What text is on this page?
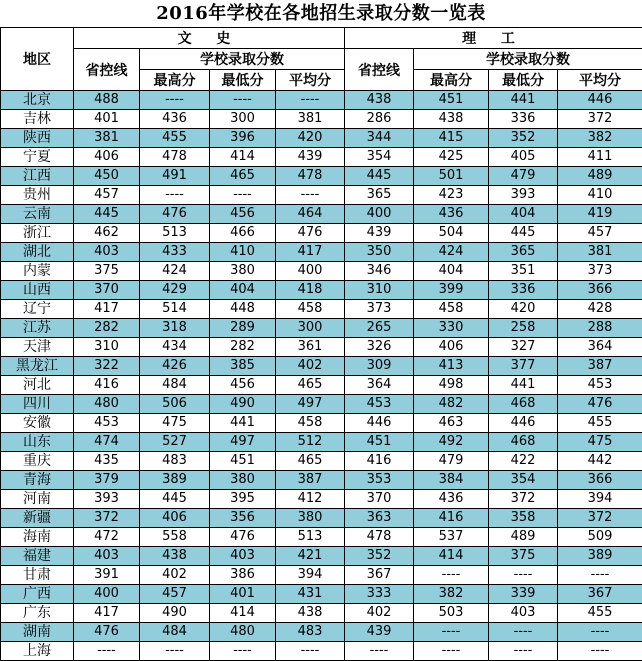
2016年学校在各地招生录取分数一览表
地区	文 史				理 工			
	省控线	学校录取分数			省控线	学校录取分数		
		最高分	最低分	平均分		最高分	最低分	平均分
北京	488	----	----	----	438	451	441	446
吉林	401	436	300	381	286	438	336	372
陕西	381	455	396	420	344	415	352	382
宁夏	406	478	414	439	354	425	405	411
江西	450	491	465	478	445	501	479	489
贵州	457	----	----	----	365	423	393	410
云南	445	476	456	464	400	436	404	419
浙江	462	513	466	476	439	504	445	457
湖北	403	433	410	417	350	424	365	381
内蒙	375	424	380	400	346	404	351	373
山西	370	429	404	418	310	399	336	366
辽宁	417	514	448	458	373	458	420	428
江苏	282	318	289	300	265	330	258	288
天津	310	434	282	361	326	406	327	364
黑龙江	322	426	385	402	309	413	377	387
河北	416	484	456	465	364	498	441	453
四川	480	506	490	497	453	482	468	476
安徽	453	475	441	458	446	463	446	455
山东	474	527	497	512	451	492	468	475
重庆	435	483	451	465	416	479	422	442
青海	379	389	380	387	353	384	354	366
河南	393	445	395	412	370	436	372	394
新疆	372	406	356	380	363	416	358	372
海南	472	558	476	513	478	537	489	509
福建	403	438	403	421	352	414	375	389
甘肃	391	402	386	394	367	----	----	----
广西	400	457	401	431	333	382	339	367
广东	417	490	414	438	402	503	403	455
湖南	476	484	480	483	439	----	----	----
上海	----	----	----	----	----	----	----	----
